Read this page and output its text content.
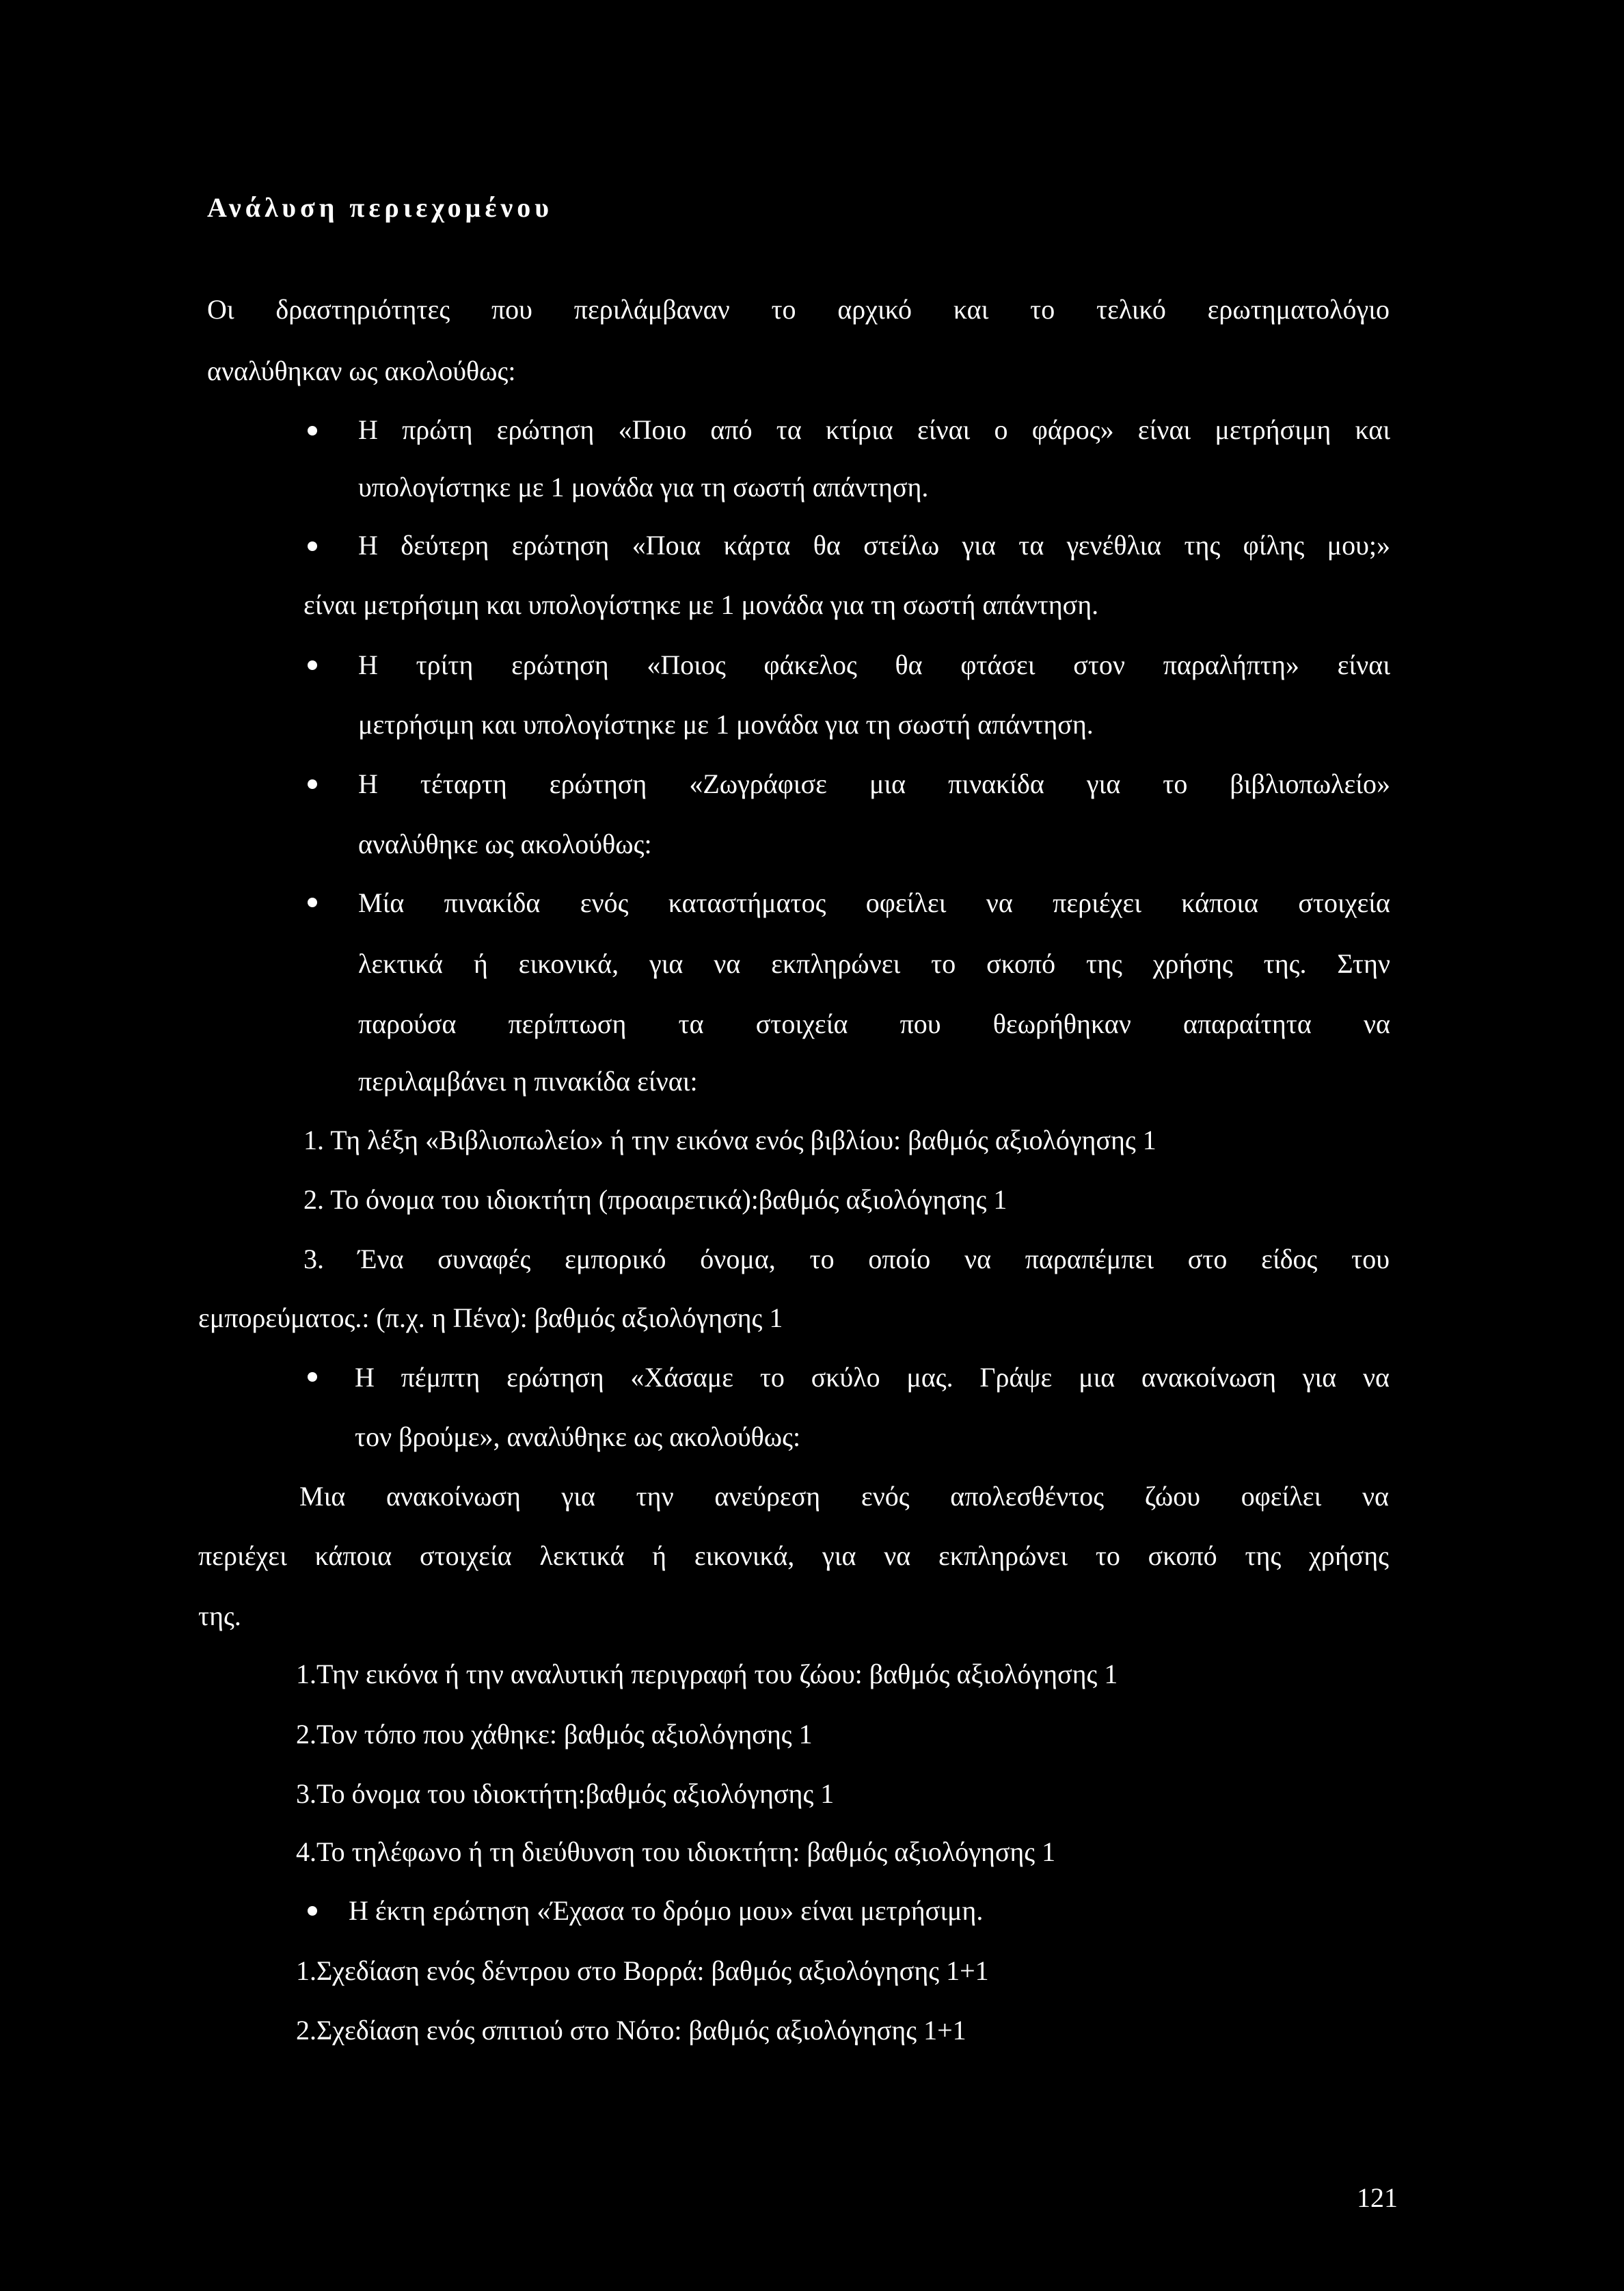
Ανάλυση περιεχομένου
Οι δραστηριότητες που περιλάμβαναν το αρχικό και το τελικό ερωτηματολόγιο
αναλύθηκαν ως ακολούθως:
Η πρώτη ερώτηση «Ποιο από τα κτίρια είναι ο φάρος» είναι μετρήσιμη και
υπολογίστηκε με 1 μονάδα για τη σωστή απάντηση.
Η δεύτερη ερώτηση «Ποια κάρτα θα στείλω για τα γενέθλια της φίλης μου;»
είναι μετρήσιμη και υπολογίστηκε με 1 μονάδα για τη σωστή απάντηση.
Η τρίτη ερώτηση «Ποιος φάκελος θα φτάσει στον παραλήπτη» είναι
μετρήσιμη και υπολογίστηκε με 1 μονάδα για τη σωστή απάντηση.
Η τέταρτη ερώτηση «Ζωγράφισε μια πινακίδα για το βιβλιοπωλείο»
αναλύθηκε ως ακολούθως:
Μία πινακίδα ενός καταστήματος οφείλει να περιέχει κάποια στοιχεία
λεκτικά ή εικονικά, για να εκπληρώνει το σκοπό της χρήσης της. Στην
παρούσα περίπτωση τα στοιχεία που θεωρήθηκαν απαραίτητα να
περιλαμβάνει η πινακίδα είναι:
1. Τη λέξη «Βιβλιοπωλείο» ή την εικόνα ενός βιβλίου: βαθμός αξιολόγησης 1
2. Το όνομα του ιδιοκτήτη (προαιρετικά):βαθμός αξιολόγησης 1
3. Ένα συναφές εμπορικό όνομα, το οποίο να παραπέμπει στο είδος του
εμπορεύματος.: (π.χ. η Πένα): βαθμός αξιολόγησης 1
Η πέμπτη ερώτηση «Χάσαμε το σκύλο μας. Γράψε μια ανακοίνωση για να
τον βρούμε», αναλύθηκε ως ακολούθως:
Μια ανακοίνωση για την ανεύρεση ενός απολεσθέντος ζώου οφείλει να
περιέχει κάποια στοιχεία λεκτικά ή εικονικά, για να εκπληρώνει το σκοπό της χρήσης
της.
1.Την εικόνα ή την αναλυτική περιγραφή του ζώου: βαθμός αξιολόγησης 1
2.Τον τόπο που χάθηκε: βαθμός αξιολόγησης 1
3.Το όνομα του ιδιοκτήτη:βαθμός αξιολόγησης 1
4.Το τηλέφωνο ή τη διεύθυνση του ιδιοκτήτη: βαθμός αξιολόγησης 1
Η έκτη ερώτηση «Έχασα το δρόμο μου» είναι μετρήσιμη.
1.Σχεδίαση ενός δέντρου στο Βορρά: βαθμός αξιολόγησης 1+1
2.Σχεδίαση ενός σπιτιού στο Νότο: βαθμός αξιολόγησης 1+1
121
